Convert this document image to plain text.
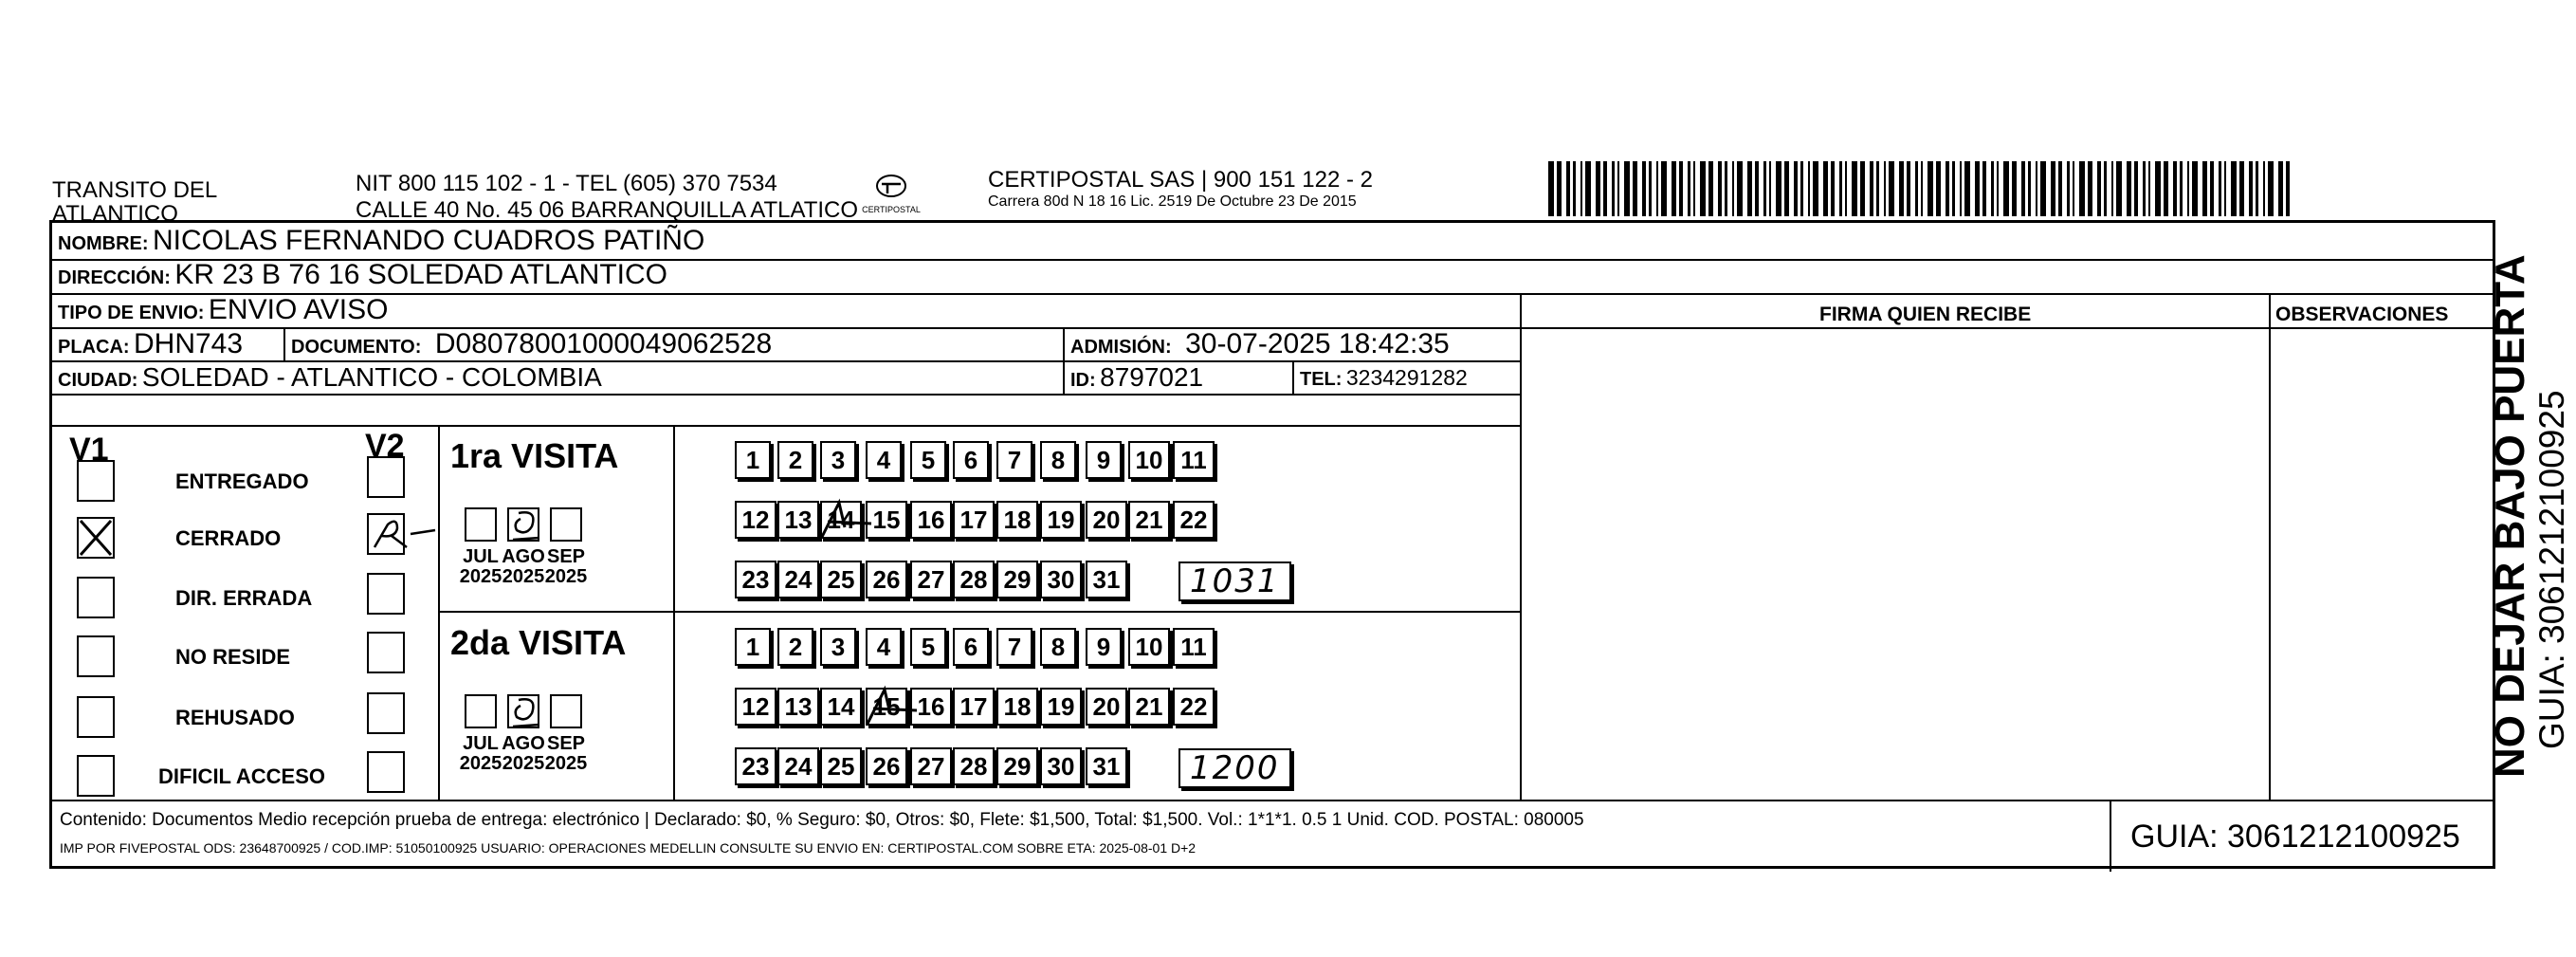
TRANSITO DEL
ATLANTICO
NIT 800 115 102 - 1 - TEL (605) 370 7534
CALLE 40 No. 45 06 BARRANQUILLA ATLATICO CERTIPOSTAL
CERTIPOSTAL SAS | 900 151 122 - 2
Carrera 80d N 18 16 Lic. 2519 De Octubre 23 De 2015
NOMBRE: NICOLAS FERNANDO CUADROS PATIÑO
DIRECCIÓN: KR 23 B 76 16 SOLEDAD ATLANTICO
TIPO DE ENVIO: ENVIO AVISO	FIRMA QUIEN RECIBE	OBSERVACIONES
PLACA: DHN743	DOCUMENTO: D08078001000049062528	ADMISIÓN: 30-07-2025 18:42:35
CIUDAD: SOLEDAD - ATLANTICO - COLOMBIA	ID: 8797021	TEL: 3234291282
V1	V2
ENTREGADO
CERRADO
DIR. ERRADA
NO RESIDE
REHUSADO
DIFICIL ACCESO
1ra VISITA
JUL
2025
AGO
2025
SEP
2025
1	2	3	4	5	6	7	8	9	10 11
12 13 14 15 16 17 18 19 20 21 22
23 24 25 26 27 28 29 30 31	1031
2da VISITA
JUL
2025
AGO
2025
SEP
2025
1	2	3	4	5	6	7	8	9	10 11
12 13 14 15 16 17 18 19 20 21 22
23 24 25 26 27 28 29 30 31	1200
Contenido: Documentos Medio recepción prueba de entrega: electrónico | Declarado: $0, % Seguro: $0, Otros: $0, Flete: $1,500, Total: $1,500. Vol.: 1*1*1. 0.5 1 Unid. COD. POSTAL: 080005
IMP POR FIVEPOSTAL ODS: 23648700925 / COD.IMP: 51050100925 USUARIO: OPERACIONES MEDELLIN CONSULTE SU ENVIO EN: CERTIPOSTAL.COM SOBRE ETA: 2025-08-01 D+2	GUIA: 3061212100925
NO DEJAR BAJO PUERTA GUIA: 3061212100925
